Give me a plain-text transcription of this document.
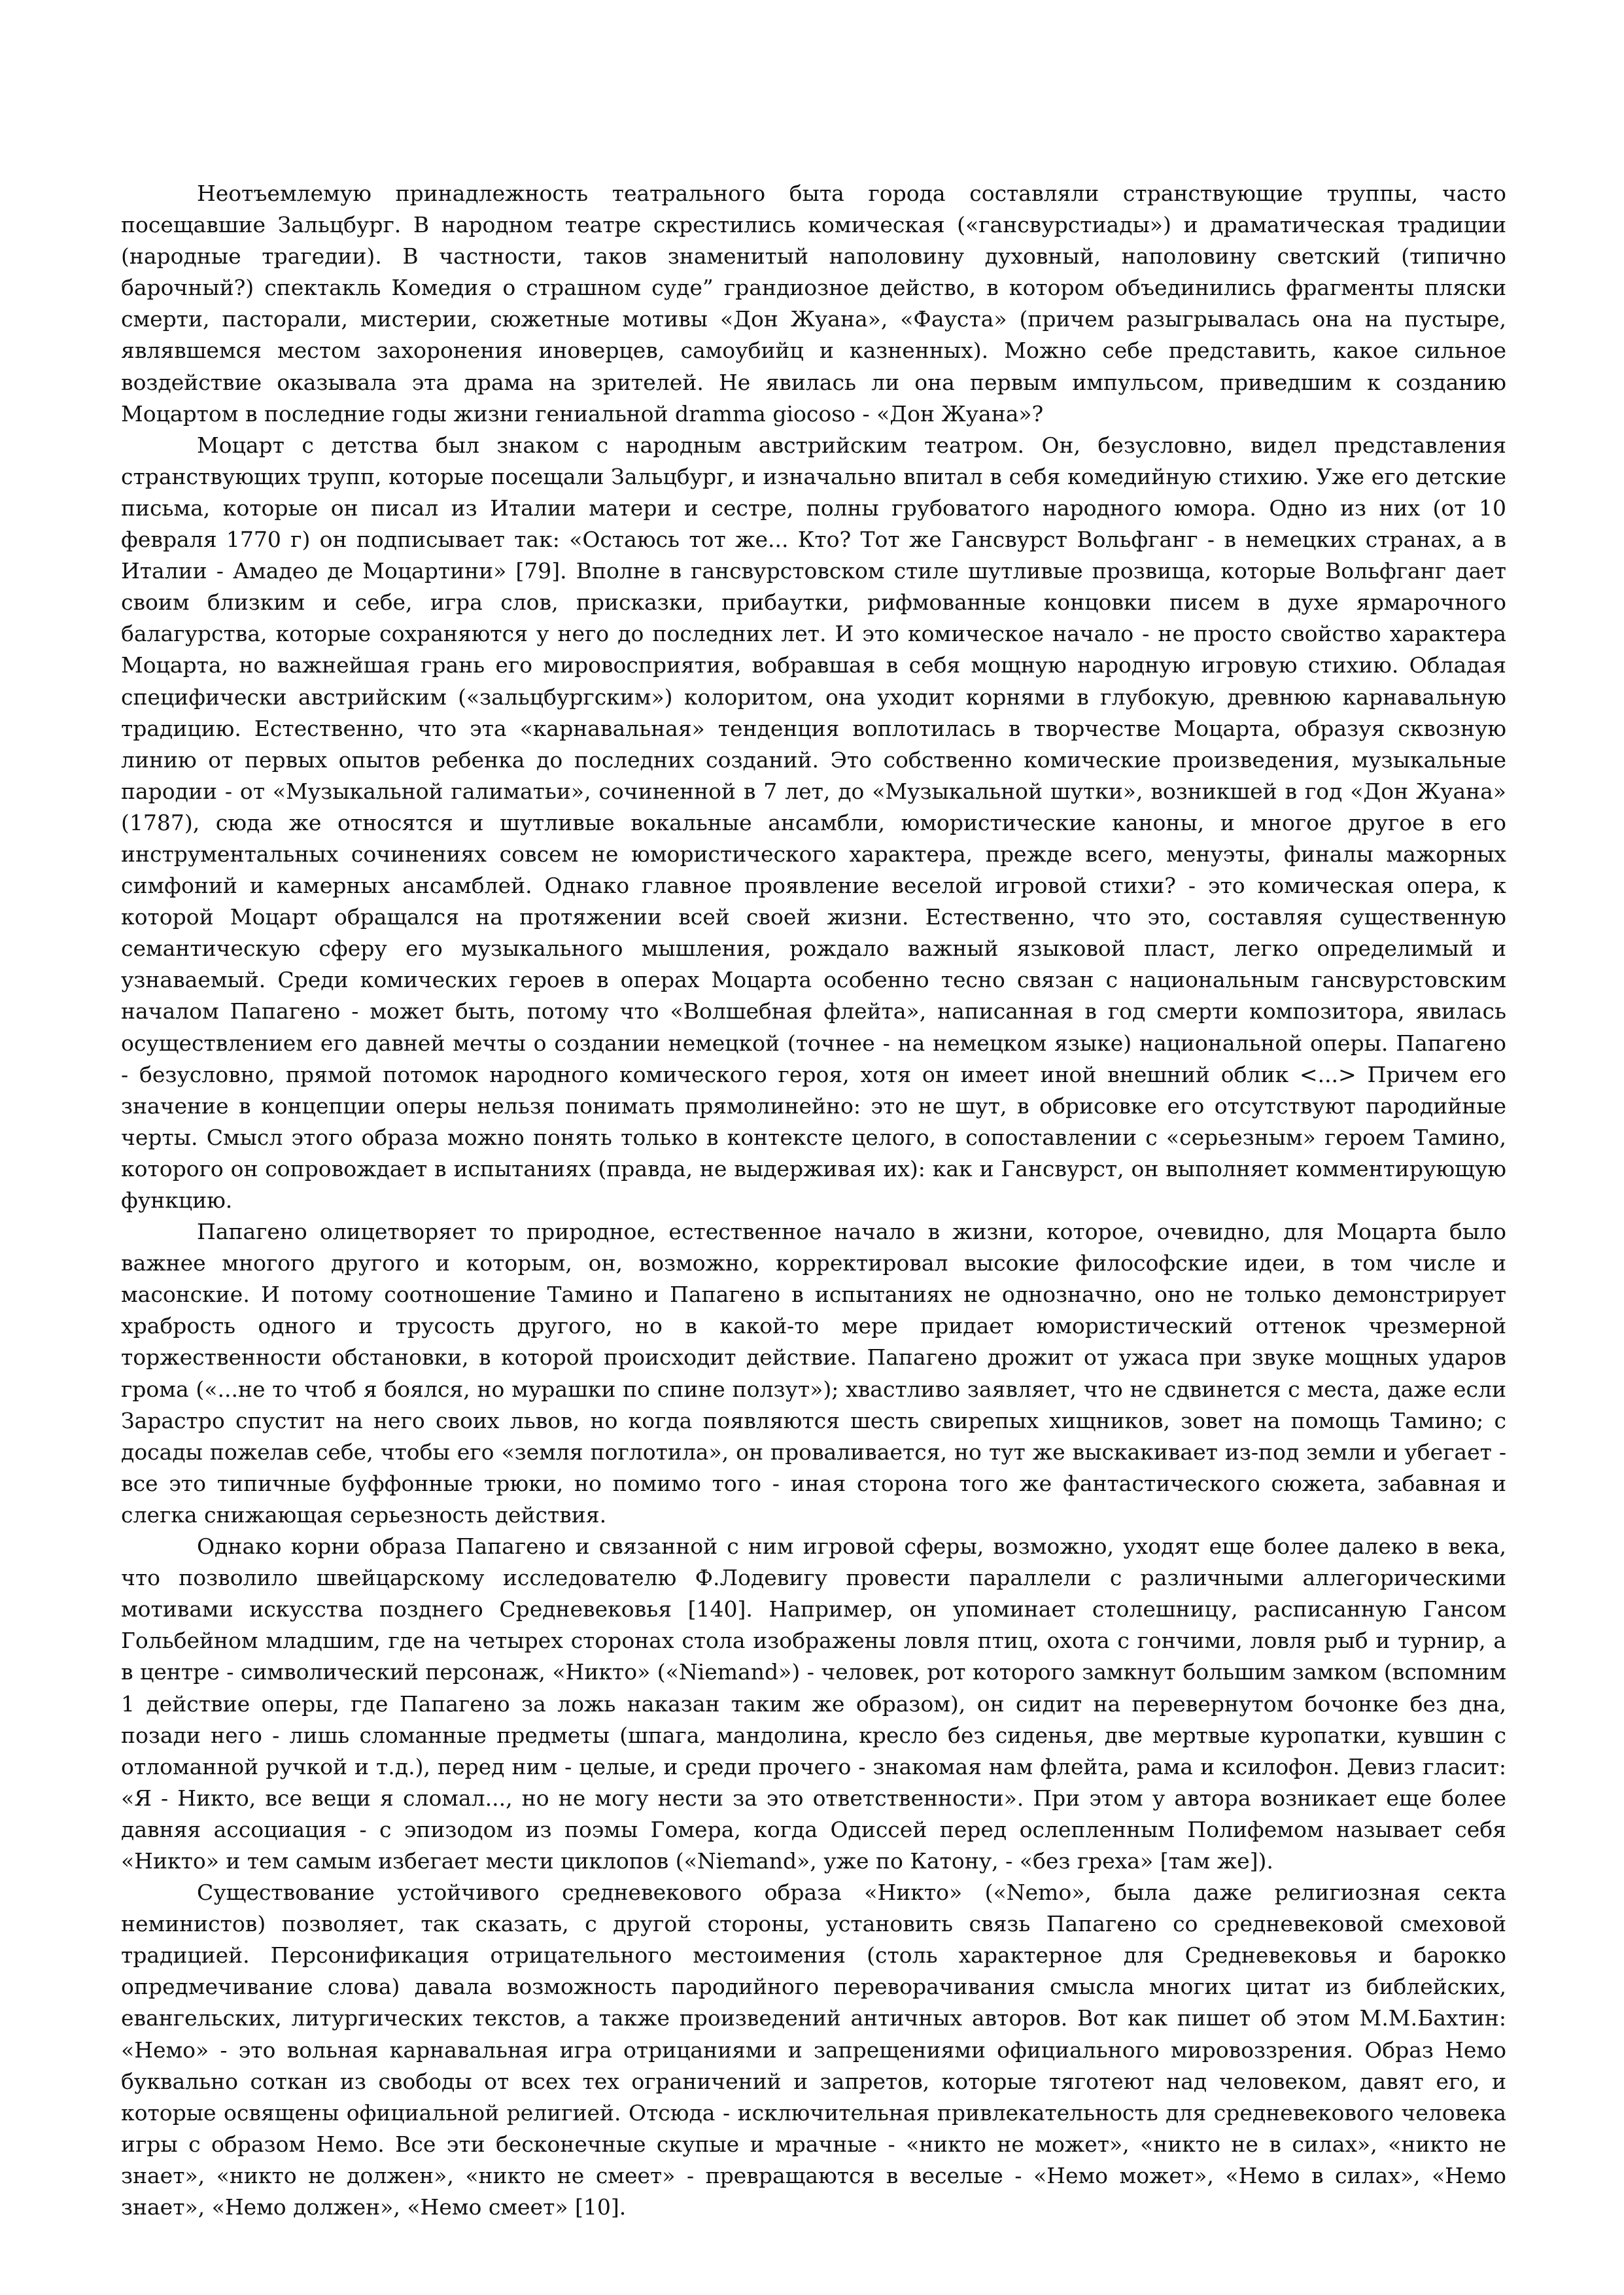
Неотъемлемую принадлежность театрального быта города составляли странствующие труппы, часто посещавшие Зальцбург. В народном театре скрестились комическая («гансвурстиады») и драматическая традиции (народные трагедии). В частности, таков знаменитый наполовину духовный, наполовину светский (типично барочный?) спектакль Комедия о страшном суде” грандиозное действо, в котором объединились фрагменты пляски смерти, пасторали, мистерии, сюжетные мотивы «Дон Жуана», «Фауста» (причем разыгрывалась она на пустыре, являвшемся местом захоронения иноверцев, самоубийц и казненных). Можно себе представить, какое сильное воздействие оказывала эта драма на зрителей. Не явилась ли она первым импульсом, приведшим к созданию Моцартом в последние годы жизни гениальной dramma giocoso - «Дон Жуана»?

Моцарт с детства был знаком с народным австрийским театром. Он, безусловно, видел представления странствующих трупп, которые посещали Зальцбург, и изначально впитал в себя комедийную стихию. Уже его детские письма, которые он писал из Италии матери и сестре, полны грубоватого народного юмора. Одно из них (от 10 февраля 1770 г) он подписывает так: «Остаюсь тот же... Кто? Тот же Гансвурст Вольфганг - в немецких странах, а в Италии - Амадео де Моцартини» [79]. Вполне в гансвурстовском стиле шутливые прозвища, которые Вольфганг дает своим близким и себе, игра слов, присказки, прибаутки, рифмованные концовки писем в духе ярмарочного балагурства, которые сохраняются у него до последних лет. И это комическое начало - не просто свойство характера Моцарта, но важнейшая грань его мировосприятия, вобравшая в себя мощную народную игровую стихию. Обладая специфически австрийским («зальцбургским») колоритом, она уходит корнями в глубокую, древнюю карнавальную традицию. Естественно, что эта «карнавальная» тенденция воплотилась в творчестве Моцарта, образуя сквозную линию от первых опытов ребенка до последних созданий. Это собственно комические произведения, музыкальные пародии - от «Музыкальной галиматьи», сочиненной в 7 лет, до «Музыкальной шутки», возникшей в год «Дон Жуана» (1787), сюда же относятся и шутливые вокальные ансамбли, юмористические каноны, и многое другое в его инструментальных сочинениях совсем не юмористического характера, прежде всего, менуэты, финалы мажорных симфоний и камерных ансамблей. Однако главное проявление веселой игровой стихи? - это комическая опера, к которой Моцарт обращался на протяжении всей своей жизни. Естественно, что это, составляя существенную семантическую сферу его музыкального мышления, рождало важный языковой пласт, легко определимый и узнаваемый. Среди комических героев в операх Моцарта особенно тесно связан с национальным гансвурстовским началом Папагено - может быть, потому что «Волшебная флейта», написанная в год смерти композитора, явилась осуществлением его давней мечты о создании немецкой (точнее - на немецком языке) национальной оперы. Папагено - безусловно, прямой потомок народного комического героя, хотя он имеет иной внешний облик <...> Причем его значение в концепции оперы нельзя понимать прямолинейно: это не шут, в обрисовке его отсутствуют пародийные черты. Смысл этого образа можно понять только в контексте целого, в сопоставлении с «серьезным» героем Тамино, которого он сопровождает в испытаниях (правда, не выдерживая их): как и Гансвурст, он выполняет комментирующую функцию.

Папагено олицетворяет то природное, естественное начало в жизни, которое, очевидно, для Моцарта было важнее многого другого и которым, он, возможно, корректировал высокие философские идеи, в том числе и масонские. И потому соотношение Тамино и Папагено в испытаниях не однозначно, оно не только демонстрирует храбрость одного и трусость другого, но в какой-то мере придает юмористический оттенок чрезмерной торжественности обстановки, в которой происходит действие. Папагено дрожит от ужаса при звуке мощных ударов грома («...не то чтоб я боялся, но мурашки по спине ползут»); хвастливо заявляет, что не сдвинется с места, даже если Зарастро спустит на него своих львов, но когда появляются шесть свирепых хищников, зовет на помощь Тамино; с досады пожелав себе, чтобы его «земля поглотила», он проваливается, но тут же выскакивает из-под земли и убегает - все это типичные буффонные трюки, но помимо того - иная сторона того же фантастического сюжета, забавная и слегка снижающая серьезность действия.

Однако корни образа Папагено и связанной с ним игровой сферы, возможно, уходят еще более далеко в века, что позволило швейцарскому исследователю Ф.Лодевигу провести параллели с различными аллегорическими мотивами искусства позднего Средневековья [140]. Например, он упоминает столешницу, расписанную Гансом Гольбейном младшим, где на четырех сторонах стола изображены ловля птиц, охота с гончими, ловля рыб и турнир, а в центре - символический персонаж, «Никто» («Niemand») - человек, рот которого замкнут большим замком (вспомним 1 действие оперы, где Папагено за ложь наказан таким же образом), он сидит на перевернутом бочонке без дна, позади него - лишь сломанные предметы (шпага, мандолина, кресло без сиденья, две мертвые куропатки, кувшин с отломанной ручкой и т.д.), перед ним - целые, и среди прочего - знакомая нам флейта, рама и ксилофон. Девиз гласит: «Я - Никто, все вещи я сломал..., но не могу нести за это ответственности». При этом у автора возникает еще более давняя ассоциация - с эпизодом из поэмы Гомера, когда Одиссей перед ослепленным Полифемом называет себя «Никто» и тем самым избегает мести циклопов («Niemand», уже по Катону, - «без греха» [там же]).

Существование устойчивого средневекового образа «Никто» («Nemo», была даже религиозная секта неминистов) позволяет, так сказать, с другой стороны, установить связь Папагено со средневековой смеховой традицией. Персонификация отрицательного местоимения (столь характерное для Средневековья и барокко опредмечивание слова) давала возможность пародийного переворачивания смысла многих цитат из библейских, евангельских, литургических текстов, а также произведений античных авторов. Вот как пишет об этом М.М.Бахтин: «Немо» - это вольная карнавальная игра отрицаниями и запрещениями официального мировоззрения. Образ Немо буквально соткан из свободы от всех тех ограничений и запретов, которые тяготеют над человеком, давят его, и которые освящены официальной религией. Отсюда - исключительная привлекательность для средневекового человека игры с образом Немо. Все эти бесконечные скупые и мрачные - «никто не может», «никто не в силах», «никто не знает», «никто не должен», «никто не смеет» - превращаются в веселые - «Немо может», «Немо в силах», «Немо знает», «Немо должен», «Немо смеет» [10].
